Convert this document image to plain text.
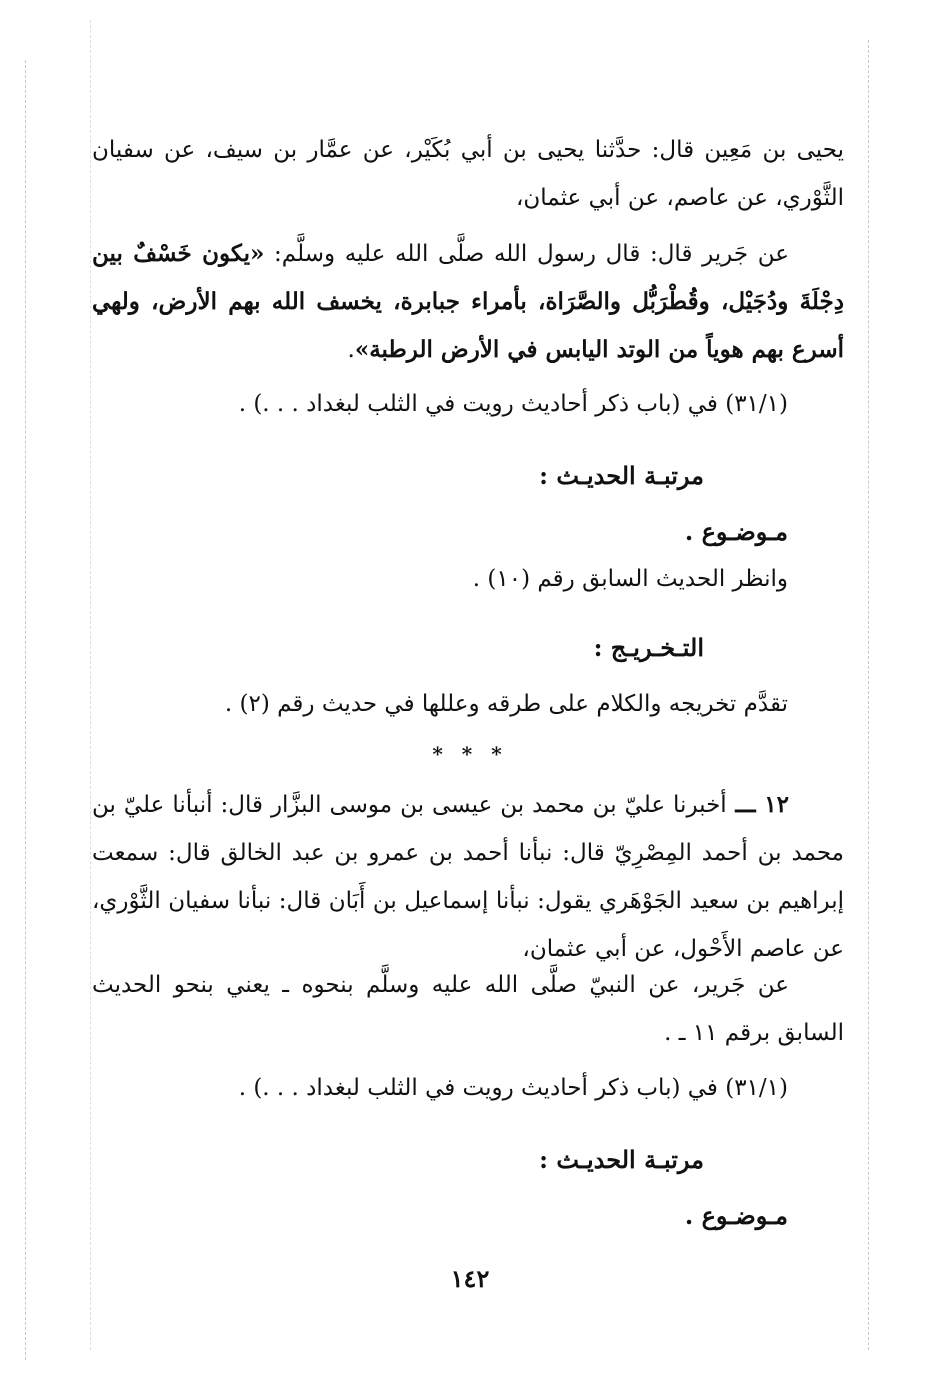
يحيى بن مَعِين قال: حدَّثنا يحيى بن أبي بُكَيْر، عن عمَّار بن سيف، عن سفيان الثَّوْري، عن عاصم، عن أبي عثمان،

عن جَرير قال: قال رسول الله صلَّى الله عليه وسلَّم: «يكون خَسْفٌ بين دِجْلَةَ ودُجَيْل، وقُطْرَبُّل والصَّرَاة، بأمراء جبابرة، يخسف الله بهم الأرض، ولهي أسرع بهم هوياً من الوتد اليابس في الأرض الرطبة».

(٣١/١) في (باب ذكر أحاديث رويت في الثلب لبغداد . . .) .

مرتبـة الحديـث :

مـوضـوع .

وانظر الحديث السابق رقم (١٠) .

التـخـريـج :

تقدَّم تخريجه والكلام على طرقه وعللها في حديث رقم (٢) .

* * *

١٢ ـــ أخبرنا عليّ بن محمد بن عيسى بن موسى البزَّار قال: أنبأنا عليّ بن محمد بن أحمد المِصْرِيّ قال: نبأنا أحمد بن عمرو بن عبد الخالق قال: سمعت إبراهيم بن سعيد الجَوْهَري يقول: نبأنا إسماعيل بن أَبَان قال: نبأنا سفيان الثَّوْري، عن عاصم الأَحْول، عن أبي عثمان،

عن جَرير، عن النبيّ صلَّى الله عليه وسلَّم بنحوه ـ يعني بنحو الحديث السابق برقم ١١ ـ .

(٣١/١) في (باب ذكر أحاديث رويت في الثلب لبغداد . . .) .

مرتبـة الحديـث :

مـوضـوع .

١٤٢
